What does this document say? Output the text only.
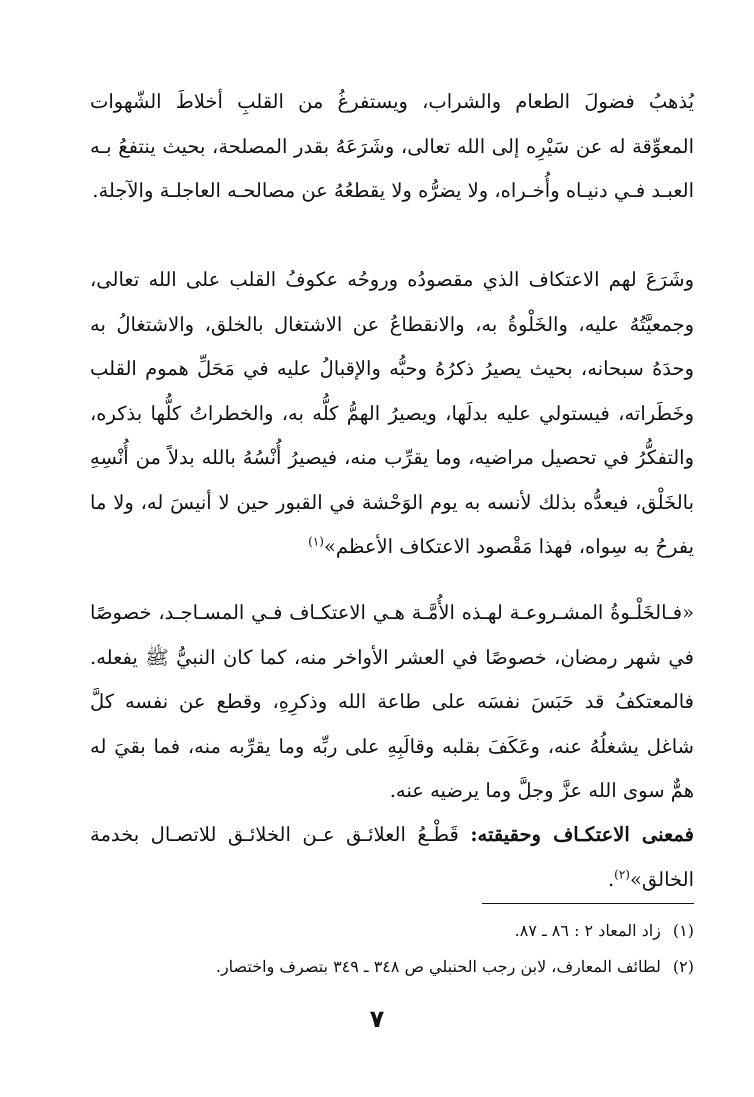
يُذهبُ فضولَ الطعام والشراب، ويستفرغُ من القلبِ أخلاطَ الشّهوات المعوِّقة له عن سَيْرِه إلى الله تعالى، وشَرَعَهُ بقدر المصلحة، بحيث ينتفعُ بـه العبـد فـي دنيـاه وأُخـراه، ولا يضرُّه ولا يقطعُهُ عن مصالحـه العاجلـة والآجلة.

وشَرَعَ لهم الاعتكاف الذي مقصودُه وروحُه عكوفُ القلب على الله تعالى، وجمعيَّتُهُ عليه، والخَلْوةُ به، والانقطاعُ عن الاشتغال بالخلق، والاشتغالُ به وحدَهُ سبحانه، بحيث يصيرُ ذكرُهُ وحبُّه والإقبالُ عليه في مَحَلِّ هموم القلب وخَطَراته، فيستولي عليه بدلَها، ويصيرُ الهمُّ كلُّه به، والخطراتُ كلُّها بذكره، والتفكُّرُ في تحصيل مراضيه، وما يقرِّب منه، فيصيرُ أُنْسُهُ بالله بدلاً من أُنْسِهِ بالخَلْق، فيعدُّه بذلك لأنسه به يوم الوَحْشة في القبور حين لا أنيسَ له، ولا ما يفرحُ به سِواه، فهذا مَقْصود الاعتكاف الأعظم»$^{(١)}$

«فـالخَلْـوةُ المشـروعـة لهـذه الأُمَّـة هـي الاعتكـاف فـي المسـاجـد، خصوصًا في شهر رمضان، خصوصًا في العشر الأواخر منه، كما كان النبيُّ ﷺ يفعله. فالمعتكفُ قد حَبَسَ نفسَه على طاعة الله وذكرِهِ، وقطع عن نفسه كلَّ شاغل يشغلُهُ عنه، وعَكَفَ بقلبه وقالَبِهِ على ربِّه وما يقرِّبه منه، فما بقيَ له همٌّ سوى الله عزَّ وجلَّ وما يرضيه عنه.

فمعنى الاعتكـاف وحقيقته: قَطْـعُ العلائـق عـن الخلائـق للاتصـال بخدمة الخالق»$^{(٢)}$.

(١)زاد المعاد ٢ : ٨٦ ـ ٨٧.
(٢)لطائف المعارف، لابن رجب الحنبلي ص ٣٤٨ ـ ٣٤٩ بتصرف واختصار.
٧
